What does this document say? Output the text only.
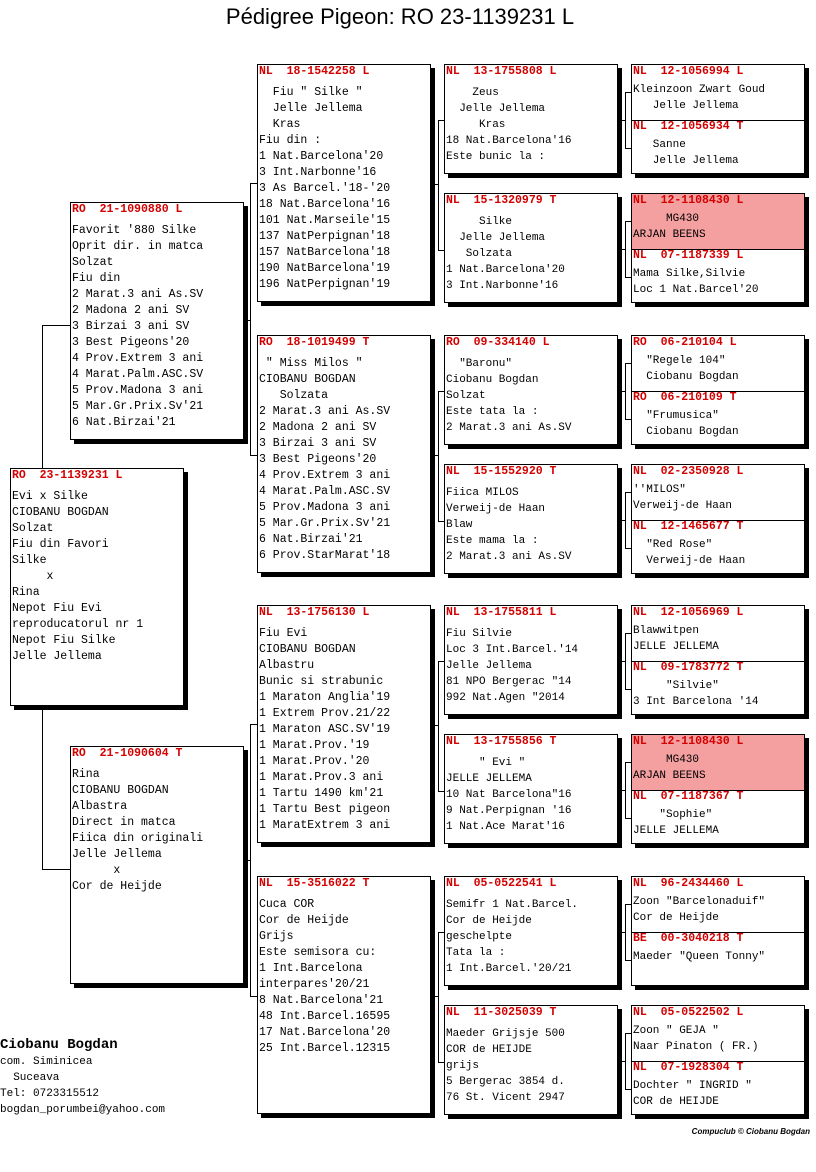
Pédigree Pigeon: RO 23-1139231 L
RO  23-1139231 L
Evi x Silke
CIOBANU BOGDAN
Solzat
Fiu din Favori
Silke
x
Rina
Nepot Fiu Evi
reproducatorul nr 1
Nepot Fiu Silke
Jelle Jellema
RO  21-1090880 L
Favorit '880 Silke
Oprit dir. in matca
Solzat
Fiu din
2 Marat.3 ani As.SV
2 Madona 2 ani SV
3 Birzai 3 ani SV
3 Best Pigeons'20
4 Prov.Extrem 3 ani
4 Marat.Palm.ASC.SV
5 Prov.Madona 3 ani
5 Mar.Gr.Prix.Sv'21
6 Nat.Birzai'21
RO  21-1090604 T
Rina
CIOBANU BOGDAN
Albastra
Direct in matca
Fiica din originali
Jelle Jellema
x
Cor de Heijde
NL  18-1542258 L
Fiu " Silke "
Jelle Jellema
Kras
Fiu din :
1 Nat.Barcelona'20
3 Int.Narbonne'16
3 As Barcel.'18-'20
18 Nat.Barcelona'16
101 Nat.Marseile'15
137 NatPerpignan'18
157 NatBarcelona'18
190 NatBarcelona'19
196 NatPerpignan'19
RO  18-1019499 T
" Miss Milos "
CIOBANU BOGDAN
Solzata
2 Marat.3 ani As.SV
2 Madona 2 ani SV
3 Birzai 3 ani SV
3 Best Pigeons'20
4 Prov.Extrem 3 ani
4 Marat.Palm.ASC.SV
5 Prov.Madona 3 ani
5 Mar.Gr.Prix.Sv'21
6 Nat.Birzai'21
6 Prov.StarMarat'18
NL  13-1756130 L
Fiu Evi
CIOBANU BOGDAN
Albastru
Bunic si strabunic
1 Maraton Anglia'19
1 Extrem Prov.21/22
1 Maraton ASC.SV'19
1 Marat.Prov.'19
1 Marat.Prov.'20
1 Marat.Prov.3 ani
1 Tartu 1490 km'21
1 Tartu Best pigeon
1 MaratExtrem 3 ani
NL  15-3516022 T
Cuca COR
Cor de Heijde
Grijs
Este semisora cu:
1 Int.Barcelona
interpares'20/21
8 Nat.Barcelona'21
48 Int.Barcel.16595
17 Nat.Barcelona'20
25 Int.Barcel.12315
NL  13-1755808 L
Zeus
Jelle Jellema
Kras
18 Nat.Barcelona'16
Este bunic la :
NL  15-1320979 T
Silke
Jelle Jellema
Solzata
1 Nat.Barcelona'20
3 Int.Narbonne'16
RO  09-334140 L
"Baronu"
Ciobanu Bogdan
Solzat
Este tata la :
2 Marat.3 ani As.SV
NL  15-1552920 T
Fiica MILOS
Verweij-de Haan
Blaw
Este mama la :
2 Marat.3 ani As.SV
NL  13-1755811 L
Fiu Silvie
Loc 3 Int.Barcel.'14
Jelle Jellema
81 NPO Bergerac "14
992 Nat.Agen "2014
NL  13-1755856 T
" Evi "
JELLE JELLEMA
10 Nat Barcelona"16
9 Nat.Perpignan '16
1 Nat.Ace Marat'16
NL  05-0522541 L
Semifr 1 Nat.Barcel.
Cor de Heijde
geschelpte
Tata la :
1 Int.Barcel.'20/21
NL  11-3025039 T
Maeder Grijsje 500
COR de HEIJDE
grijs
5 Bergerac 3854 d.
76 St. Vicent 2947
NL  12-1056994 L
Kleinzoon Zwart Goud
Jelle Jellema
NL  12-1056934 T
Sanne
Jelle Jellema
NL  12-1108430 L
MG430
ARJAN BEENS
NL  07-1187339 L
Mama Silke,Silvie
Loc 1 Nat.Barcel'20
RO  06-210104 L
"Regele 104"
Ciobanu Bogdan
RO  06-210109 T
"Frumusica"
Ciobanu Bogdan
NL  02-2350928 L
''MILOS"
Verweij-de Haan
NL  12-1465677 T
"Red Rose"
Verweij-de Haan
NL  12-1056969 L
Blawwitpen
JELLE JELLEMA
NL  09-1783772 T
"Silvie"
3 Int Barcelona '14
NL  12-1108430 L
MG430
ARJAN BEENS
NL  07-1187367 T
"Sophie"
JELLE JELLEMA
NL  96-2434460 L
Zoon "Barcelonaduif"
Cor de Heijde
BE  00-3040218 T
Maeder "Queen Tonny"
NL  05-0522502 L
Zoon " GEJA "
Naar Pinaton ( FR.)
NL  07-1928304 T
Dochter " INGRID "
COR de HEIJDE
Ciobanu Bogdan
com. Siminicea
Suceava
Tel: 0723315512
bogdan_porumbei@yahoo.com
Compuclub © Ciobanu Bogdan
